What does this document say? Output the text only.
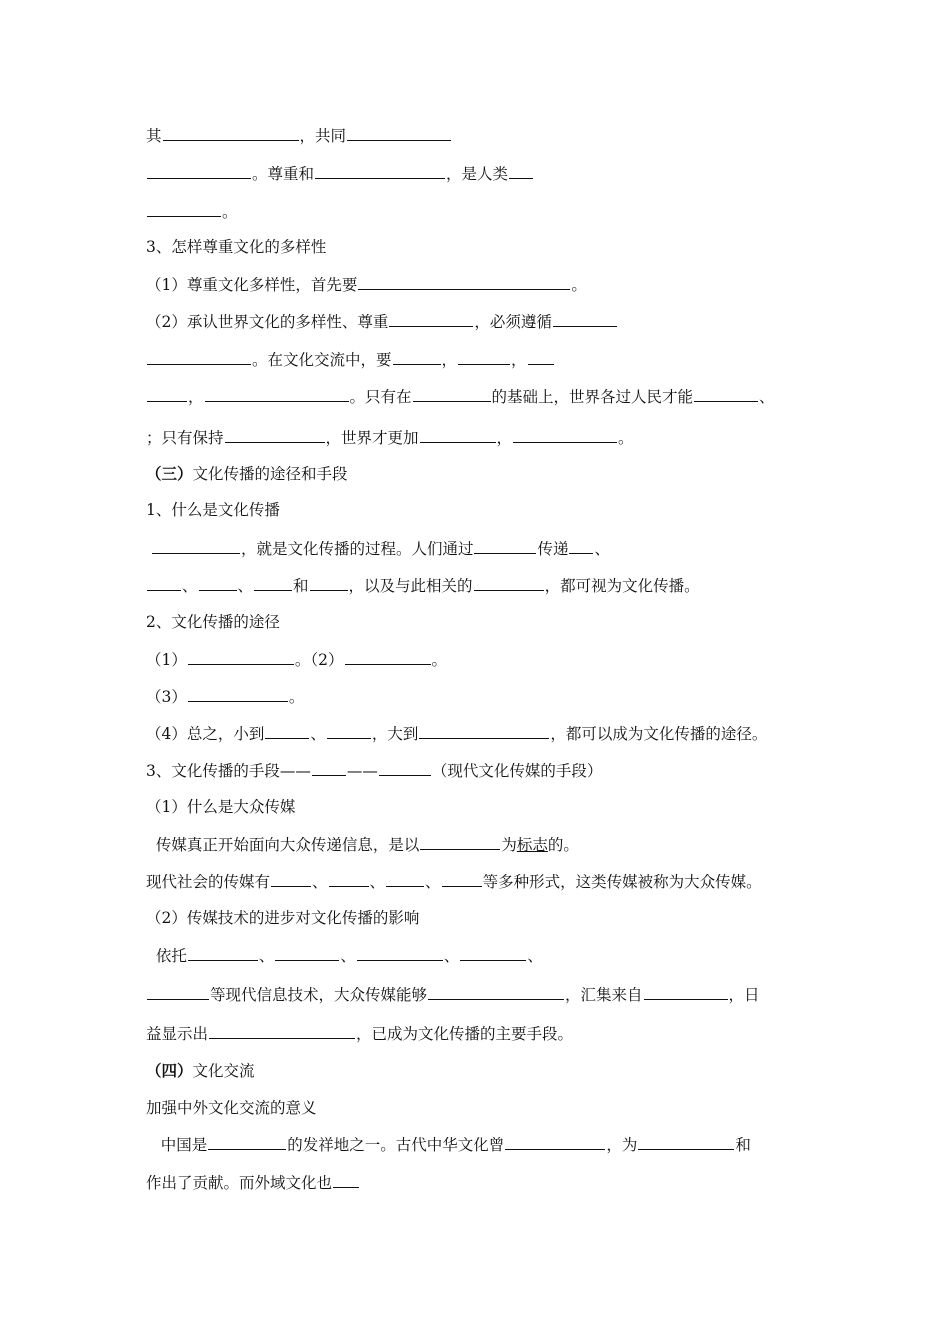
其	，共同
。尊重和	，是人类
。
3、怎样尊重文化的多样性
（1）尊重文化多样性，首先要	。
（2）承认世界文化的多样性、尊重	，必须遵循
。在文化交流中，要	，	，
，	。只有在	的基础上，世界各过人民才能	、
；只有保持	，世界才更加	，	。
（三）文化传播的途径和手段
1、什么是文化传播
，就是文化传播的过程。人们通过	传递 、
、	、	和	，以及与此相关的	，都可视为文化传播。
2、文化传播的途径
（1）	。（2）	。
（3）	。
（4）总之，小到	、	，大到	，都可以成为文化传播的途径。
3、文化传播的手段—— ——	（现代文化传媒的手段）
（1）什么是大众传媒
传媒真正开始面向大众传递信息，是以	为标志的。
现代社会的传媒有	、	、	、	等多种形式，这类传媒被称为大众传媒。
（2）传媒技术的进步对文化传播的影响
依托	、	、	、	、
等现代信息技术，大众传媒能够	，汇集来自	，日
益显示出	，已成为文化传播的主要手段。
（四）文化交流
加强中外文化交流的意义
中国是	的发祥地之一。古代中华文化曾	，为	和
作出了贡献。而外域文化也
